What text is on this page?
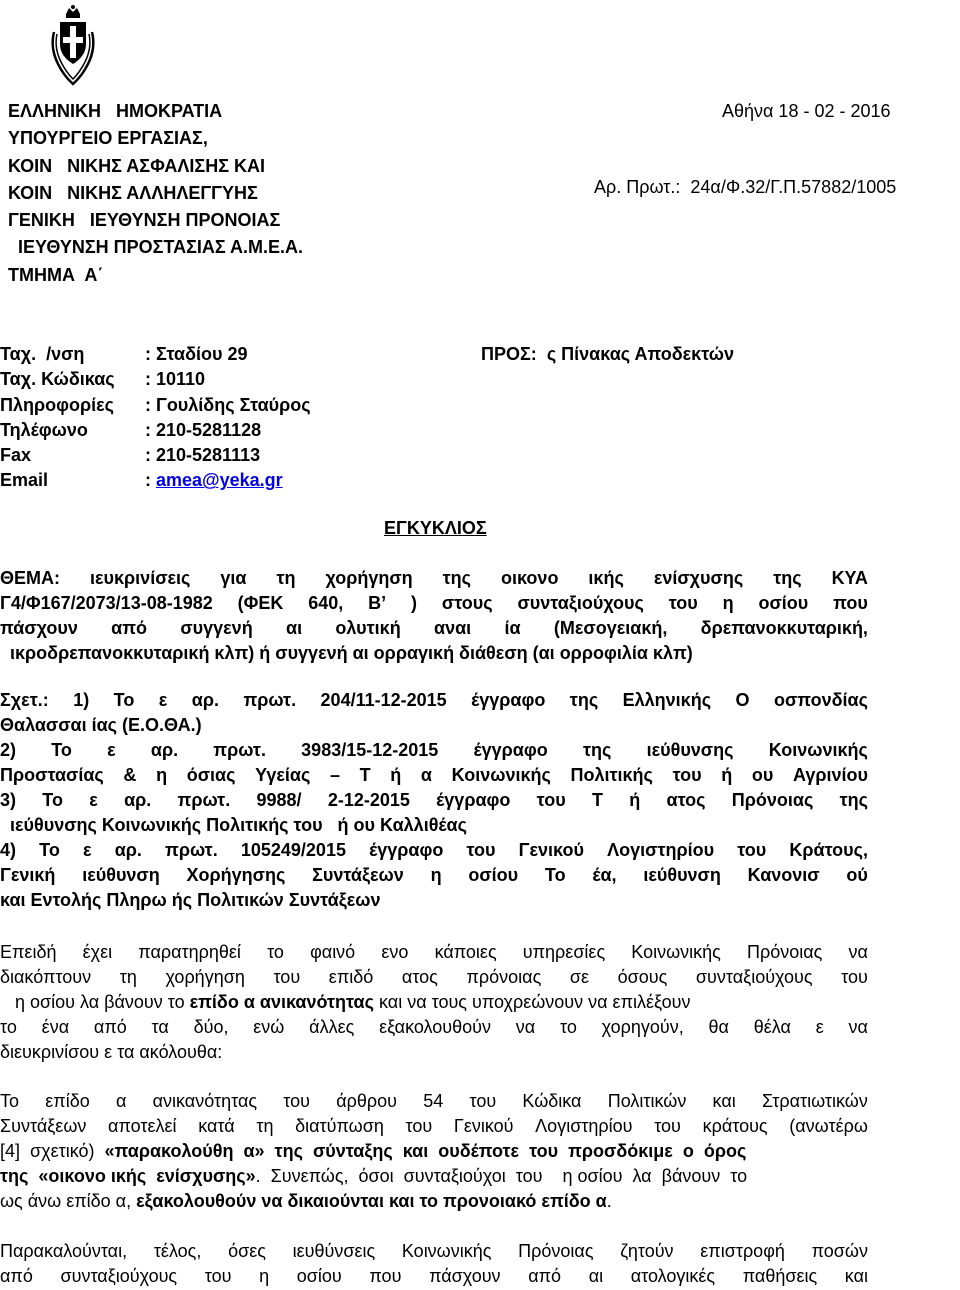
ΕΛΛΗΝΙΚΗ   ΗΜΟΚΡΑΤΙΑ
ΥΠΟΥΡΓΕΙΟ ΕΡΓΑΣΙΑΣ,
ΚΟΙΝ   ΝΙΚΗΣ ΑΣΦΑΛΙΣΗΣ ΚΑΙ
ΚΟΙΝ   ΝΙΚΗΣ ΑΛΛΗΛΕΓΓΥΗΣ
ΓΕΝΙΚΗ   ΙΕΥΘΥΝΣΗ ΠΡΟΝΟΙΑΣ
ΙΕΥΘΥΝΣΗ ΠΡΟΣΤΑΣΙΑΣ Α.Μ.Ε.Α.
ΤΜΗΜΑ  Α΄
Αθήνα 18 - 02 - 2016
Αρ. Πρωτ.: 24α/Φ.32/Γ.Π.57882/1005
Ταχ.  /νση	: Σταδίου 29
Ταχ. Κώδικας	: 10110
Πληροφορίες	: Γουλίδης Σταύρος
Τηλέφωνο	: 210-5281128
Fax	: 210-5281113
Email	: amea@yeka.gr
ΠΡΟΣ:  ς Πίνακας Αποδεκτών
ΕΓΚΥΚΛΙΟΣ
ΘΕΜΑ: ιευκρινίσεις για τη χορήγηση της οικονο ικής ενίσχυσης της ΚΥΑ
Γ4/Φ167/2073/13-08-1982 (ΦΕΚ 640, Β’ ) στους συνταξιούχους του η οσίου που
πάσχουν από συγγενή αι ολυτική αναι ία (Μεσογειακή, δρεπανοκκυταρική,
ικροδρεπανοκκυταρική κλπ) ή συγγενή αι ορραγική διάθεση (αι ορροφιλία κλπ)
Σχετ.: 1) Το ε αρ. πρωτ. 204/11-12-2015 έγγραφο της Ελληνικής Ο οσπονδίας
Θαλασσαι ίας (Ε.Ο.ΘΑ.)
2) Το ε αρ. πρωτ. 3983/15-12-2015 έγγραφο της ιεύθυνσης Κοινωνικής
Προστασίας & η όσιας Υγείας – Τ ή α Κοινωνικής Πολιτικής του ή ου Αγρινίου
3) Το ε αρ. πρωτ. 9988/ 2-12-2015 έγγραφο του Τ ή ατος Πρόνοιας της
ιεύθυνσης Κοινωνικής Πολιτικής του   ή ου Καλλιθέας
4) Το ε αρ. πρωτ. 105249/2015 έγγραφο του Γενικού Λογιστηρίου του Κράτους,
Γενική ιεύθυνση Χορήγησης Συντάξεων η οσίου Το έα, ιεύθυνση Κανονισ ού
και Εντολής Πληρω ής Πολιτικών Συντάξεων
Επειδή έχει παρατηρηθεί το φαινό ενο κάποιες υπηρεσίες Κοινωνικής Πρόνοιας να
διακόπτουν τη χορήγηση του επιδό ατος πρόνοιας σε όσους συνταξιούχους του
η οσίου λα βάνουν το επίδο α ανικανότητας και να τους υποχρεώνουν να επιλέξουν
το ένα από τα δύο, ενώ άλλες εξακολουθούν να το χορηγούν, θα θέλα ε να
διευκρινίσου ε τα ακόλουθα:
Το επίδο α ανικανότητας του άρθρου 54 του Κώδικα Πολιτικών και Στρατιωτικών
Συντάξεων αποτελεί κατά τη διατύπωση του Γενικού Λογιστηρίου του κράτους (ανωτέρω
[4]  σχετικό)  «παρακολούθη  α»  της  σύνταξης  και  ουδέποτε  του  προσδόκιμε  ο  όρος
της  «οικονο ικής  ενίσχυσης».  Συνεπώς,  όσοι  συνταξιούχοι  του    η οσίου  λα  βάνουν  το
ως άνω επίδο α, εξακολουθούν να δικαιούνται και το προνοιακό επίδο α.
Παρακαλούνται, τέλος, όσες ιευθύνσεις Κοινωνικής Πρόνοιας ζητούν επιστροφή ποσών
από συνταξιούχους του η οσίου που πάσχουν από αι ατολογικές παθήσεις και
